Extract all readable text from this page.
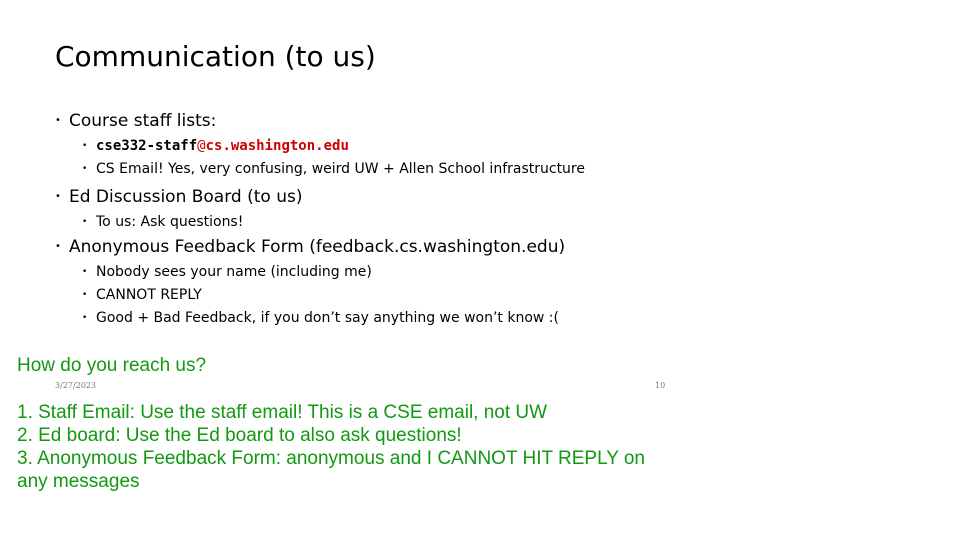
Communication (to us)
• Course staff lists:
• cse332-staff@cs.washington.edu
• CS Email! Yes, very confusing, weird UW + Allen School infrastructure
• Ed Discussion Board (to us)
• To us: Ask questions!
• Anonymous Feedback Form (feedback.cs.washington.edu)
• Nobody sees your name (including me)
• CANNOT REPLY
• Good + Bad Feedback, if you don’t say anything we won’t know :(
How do you reach us?
3/27/2023	10
1. Staff Email: Use the staff email! This is a CSE email, not UW
2. Ed board: Use the Ed board to also ask questions!
3. Anonymous Feedback Form: anonymous and I CANNOT HIT REPLY on
any messages
